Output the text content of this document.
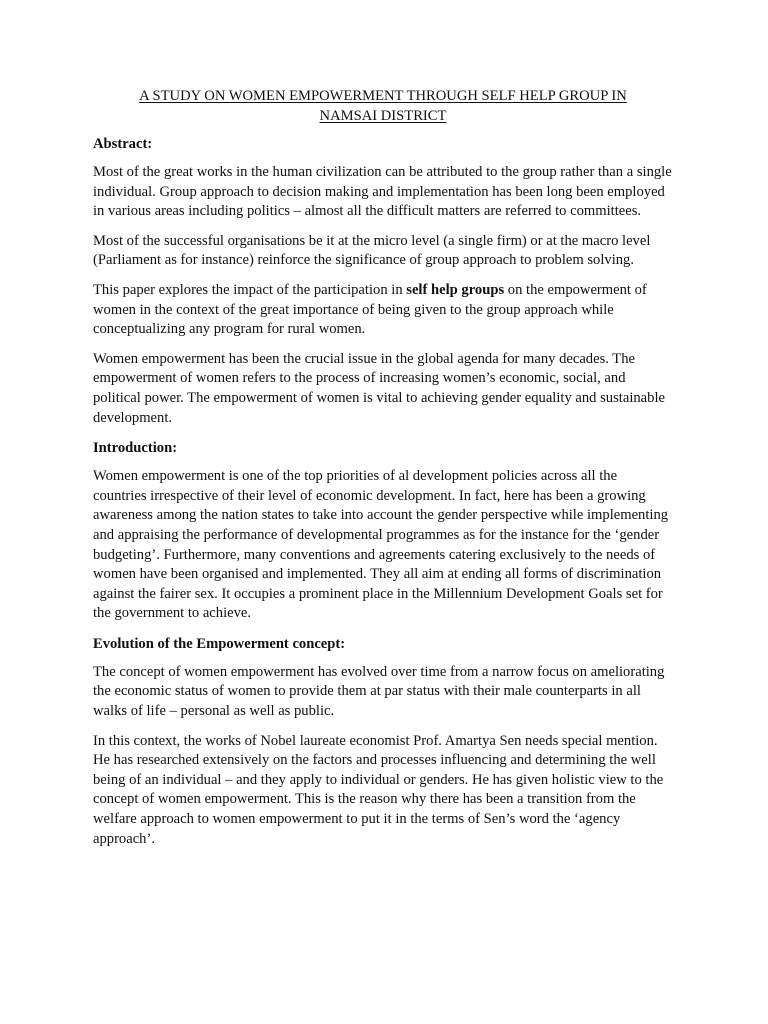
A STUDY ON WOMEN EMPOWERMENT THROUGH SELF HELP GROUP IN
NAMSAI DISTRICT
Abstract:

Most of the great works in the human civilization can be attributed to the group rather than a single individual. Group approach to decision making and implementation has been long been employed in various areas including politics – almost all the difficult matters are referred to committees.

Most of the successful organisations be it at the micro level (a single firm) or at the macro level (Parliament as for instance) reinforce the significance of group approach to problem solving.

This paper explores the impact of the participation in self help groups on the empowerment of women in the context of the great importance of being given to the group approach while conceptualizing any program for rural women.

Women empowerment has been the crucial issue in the global agenda for many decades. The empowerment of women refers to the process of increasing women’s economic, social, and political power. The empowerment of women is vital to achieving gender equality and sustainable development.

Introduction:

Women empowerment is one of the top priorities of al development policies across all the countries irrespective of their level of economic development. In fact, here has been a growing awareness among the nation states to take into account the gender perspective while implementing and appraising the performance of developmental programmes as for the instance for the ‘gender budgeting’. Furthermore, many conventions and agreements catering exclusively to the needs of women have been organised and implemented. They all aim at ending all forms of discrimination against the fairer sex. It occupies a prominent place in the Millennium Development Goals set for the government to achieve.

Evolution of the Empowerment concept:

The concept of women empowerment has evolved over time from a narrow focus on ameliorating the economic status of women to provide them at par status with their male counterparts in all walks of life – personal as well as public.

In this context, the works of Nobel laureate economist Prof. Amartya Sen needs special mention. He has researched extensively on the factors and processes influencing and determining the well being of an individual – and they apply to individual or genders. He has given holistic view to the concept of women empowerment. This is the reason why there has been a transition from the welfare approach to women empowerment to put it in the terms of Sen’s word the ‘agency approach’.
